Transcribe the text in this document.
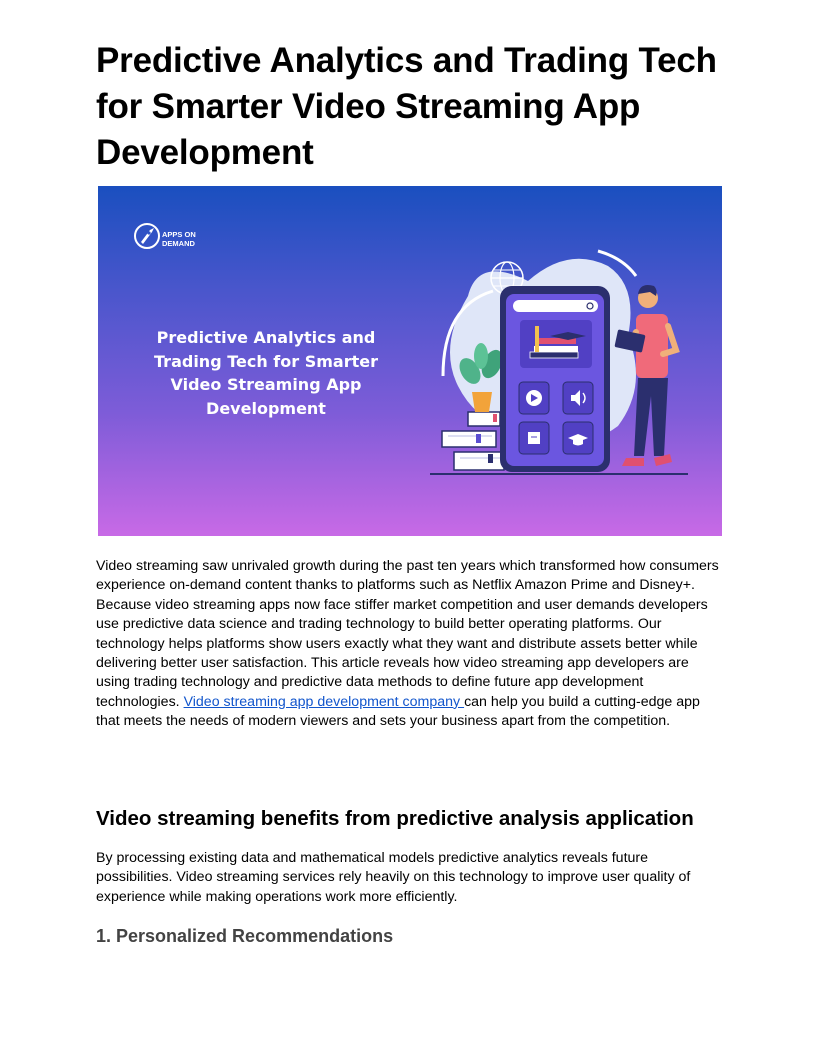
Predictive Analytics and Trading Tech for Smarter Video Streaming App Development
APPS ON
DEMAND
Predictive Analytics and Trading Tech for Smarter Video Streaming App Development

Video streaming saw unrivaled growth during the past ten years which transformed how consumers experience on-demand content thanks to platforms such as Netflix Amazon Prime and Disney+. Because video streaming apps now face stiffer market competition and user demands developers use predictive data science and trading technology to build better operating platforms. Our technology helps platforms show users exactly what they want and distribute assets better while delivering better user satisfaction. This article reveals how video streaming app developers are using trading technology and predictive data methods to define future app development technologies. Video streaming app development company can help you build a cutting-edge app that meets the needs of modern viewers and sets your business apart from the competition.

Video streaming benefits from predictive analysis application

By processing existing data and mathematical models predictive analytics reveals future possibilities. Video streaming services rely heavily on this technology to improve user quality of experience while making operations work more efficiently.

1. Personalized Recommendations
